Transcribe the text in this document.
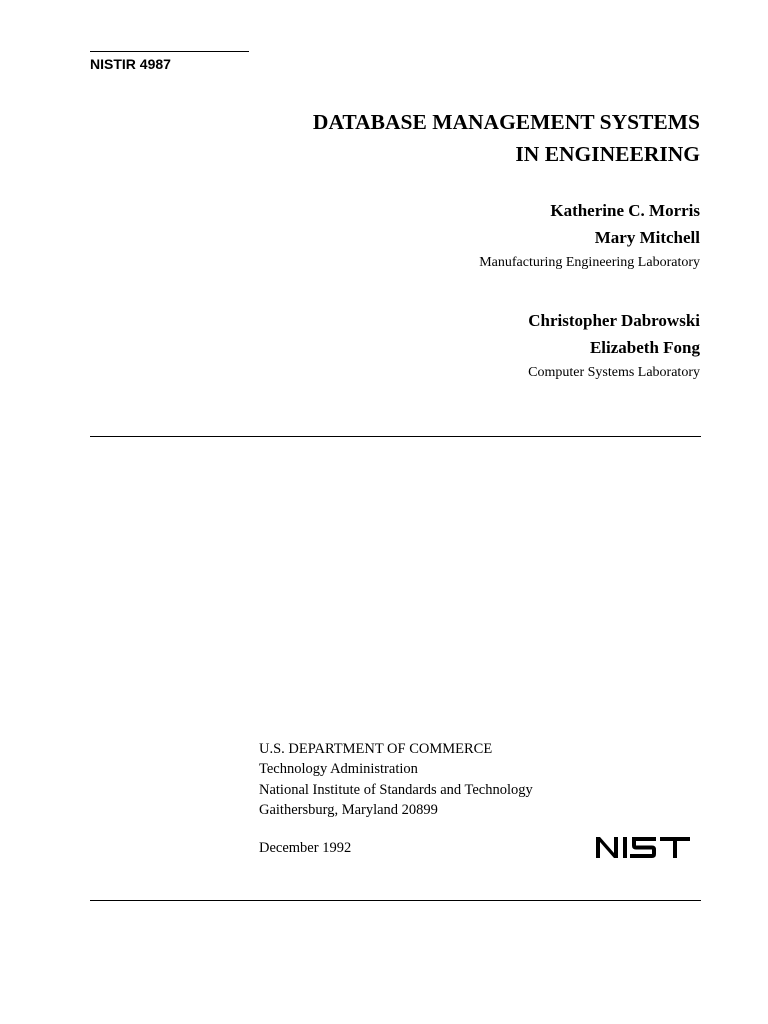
NISTIR 4987
DATABASE MANAGEMENT SYSTEMS
IN ENGINEERING
Katherine C. Morris
Mary Mitchell
Manufacturing Engineering Laboratory
Christopher Dabrowski
Elizabeth Fong
Computer Systems Laboratory
U.S. DEPARTMENT OF COMMERCE
Technology Administration
National Institute of Standards and Technology
Gaithersburg, Maryland 20899
December 1992
